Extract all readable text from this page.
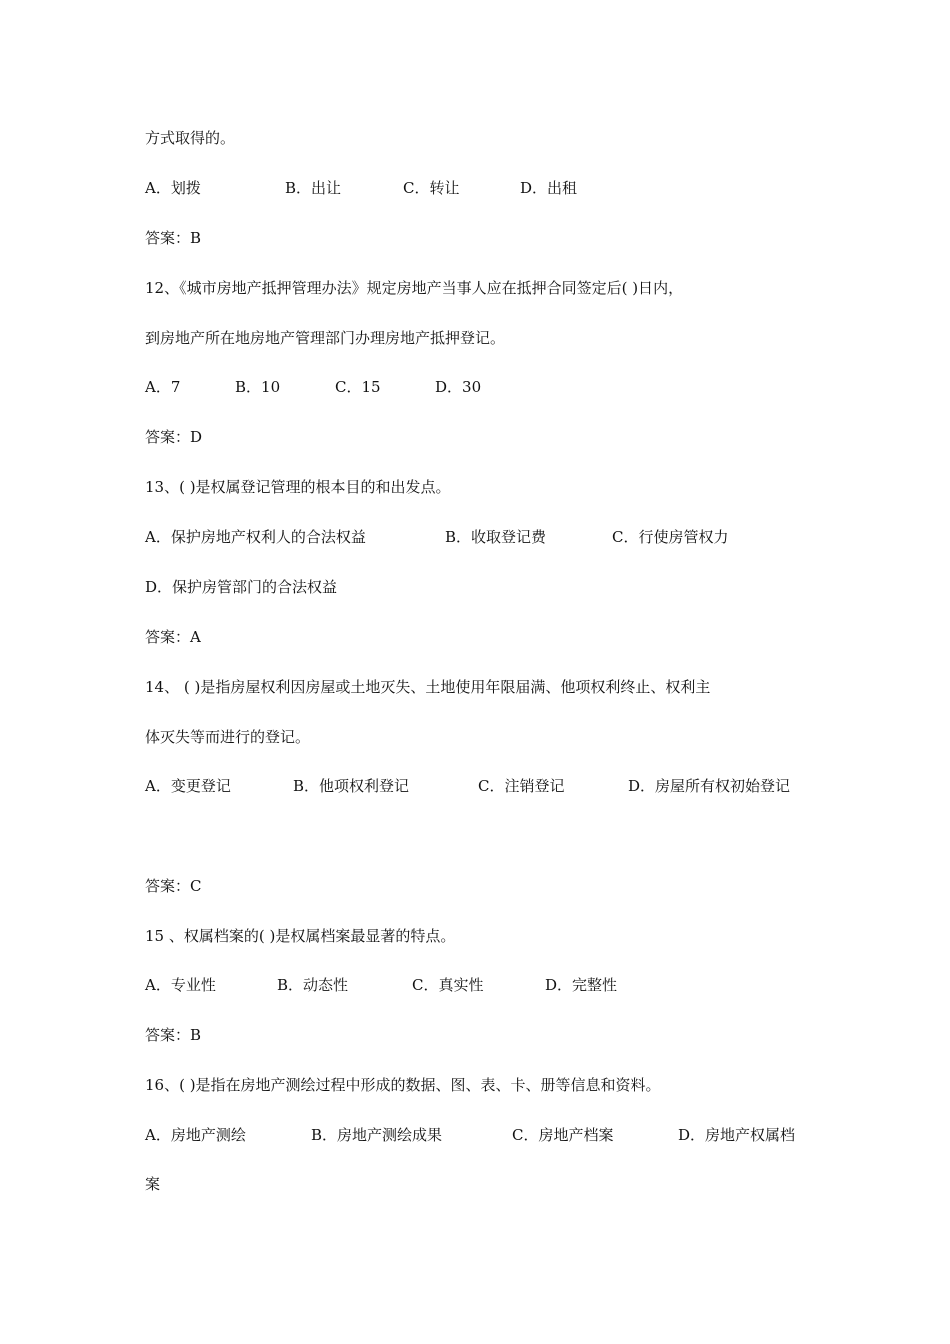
方式取得的。
A．划拨	B．出让	C．转让	D．出租
答案：B
12、《城市房地产抵押管理办法》规定房地产当事人应在抵押合同签定后( )日内，
到房地产所在地房地产管理部门办理房地产抵押登记。
A．7	B．10	C．15	D．30
答案：D
13、( )是权属登记管理的根本目的和出发点。
A．保护房地产权利人的合法权益	B．收取登记费	C．行使房管权力
D．保护房管部门的合法权益
答案：A
14、 ( )是指房屋权利因房屋或土地灭失、土地使用年限届满、他项权利终止、权利主
体灭失等而进行的登记。
A．变更登记	B．他项权利登记	C．注销登记	D．房屋所有权初始登记
答案：C
15 、权属档案的( )是权属档案最显著的特点。
A．专业性	B．动态性	C．真实性	D．完整性
答案：B
16、( )是指在房地产测绘过程中形成的数据、图、表、卡、册等信息和资料。
A．房地产测绘	B．房地产测绘成果	C．房地产档案	D．房地产权属档
案
